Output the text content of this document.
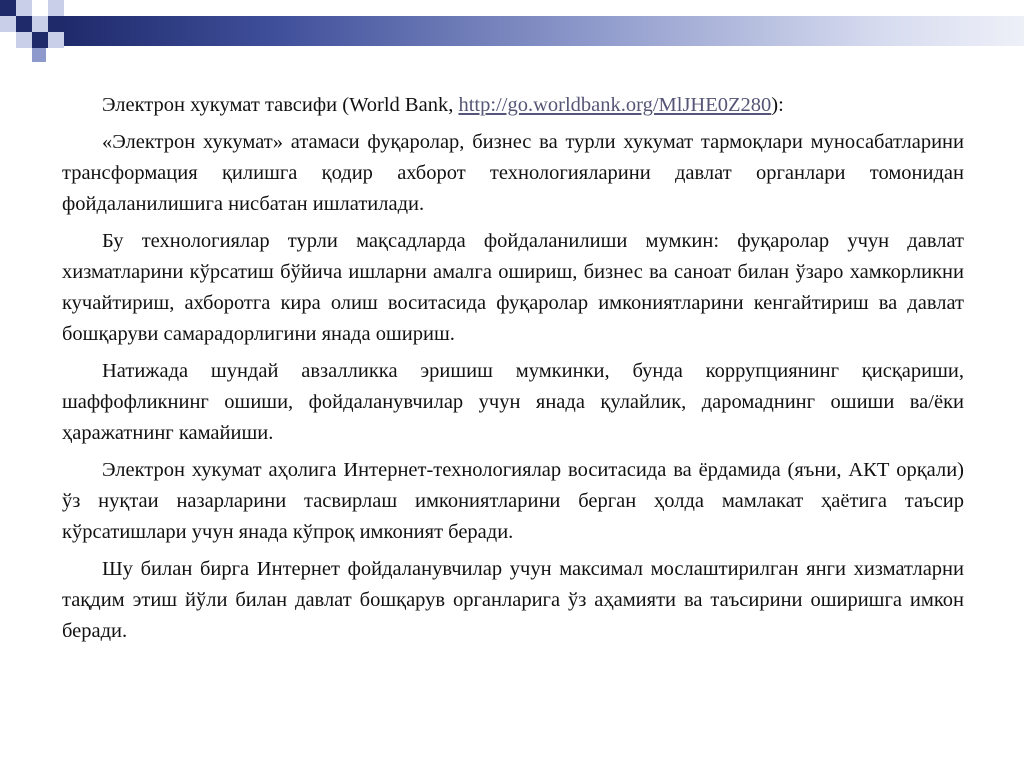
Электрон хукумат тавсифи (World Bank, http://go.worldbank.org/MlJHE0Z280):

«Электрон хукумат» атамаси фуқаролар, бизнес ва турли хукумат тармоқлари муносабатларини трансформация қилишга қодир ахборот технологияларини давлат органлари томонидан фойдаланилишига нисбатан ишлатилади.

Бу технологиялар турли мақсадларда фойдаланилиши мумкин: фуқаролар учун давлат хизматларини кўрсатиш бўйича ишларни амалга ошириш, бизнес ва саноат билан ўзаро хамкорликни кучайтириш, ахборотга кира олиш воситасида фуқаролар имкониятларини кенгайтириш ва давлат бошқаруви самарадорлигини янада ошириш.

Натижада шундай авзалликка эришиш мумкинки, бунда коррупциянинг қисқариши, шаффофликнинг ошиши, фойдаланувчилар учун янада қулайлик, даромаднинг ошиши ва/ёки ҳаражатнинг камайиши.

Электрон хукумат аҳолига Интернет-технологиялар воситасида ва ёрдамида (яъни, АКТ орқали) ўз нуқтаи назарларини тасвирлаш имкониятларини берган ҳолда мамлакат ҳаётига таъсир кўрсатишлари учун янада кўпроқ имконият беради.

Шу билан бирга Интернет фойдаланувчилар учун максимал мослаштирилган янги хизматларни тақдим этиш йўли билан давлат бошқарув органларига ўз аҳамияти ва таъсирини оширишга имкон беради.
